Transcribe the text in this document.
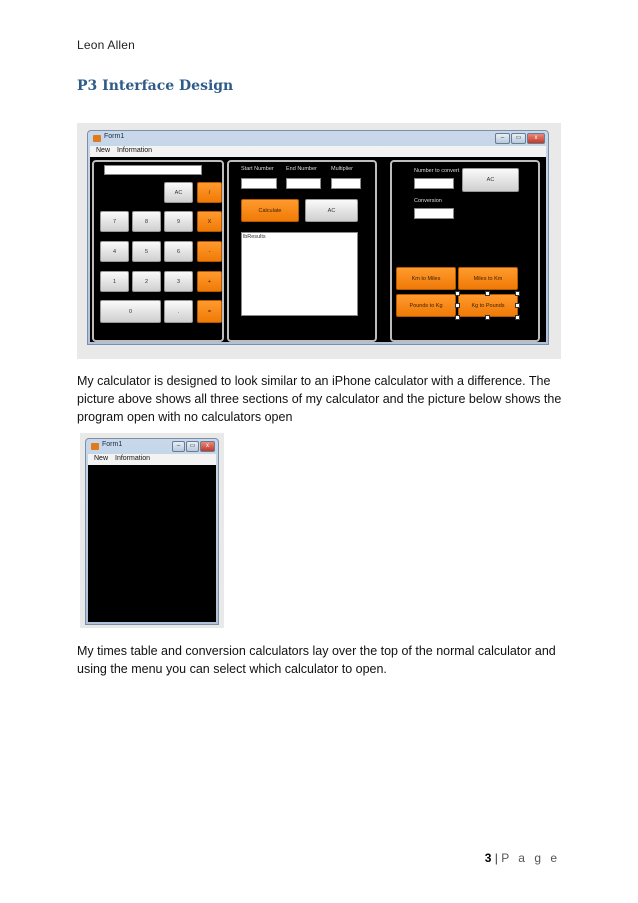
Leon Allen
P3 Interface Design
Form1	–	▭	x
New Information
AC	/
7	8	9	X
4	5	6	-
1	2	3	+
0	.	=
Start Number End Number	Multiplier
Calculate	AC
lbResults
Number to convert
AC
Conversion
Km to Miles	Miles to Km
Pounds to Kg	Kg to Pounds
My calculator is designed to look similar to an iPhone calculator with a difference. The picture above shows all three sections of my calculator and the picture below shows the program open with no calculators open
Form1	–	▭	x
New Information
My times table and conversion calculators lay over the top of the normal calculator and using the menu you can select which calculator to open.
3 | P a g e
